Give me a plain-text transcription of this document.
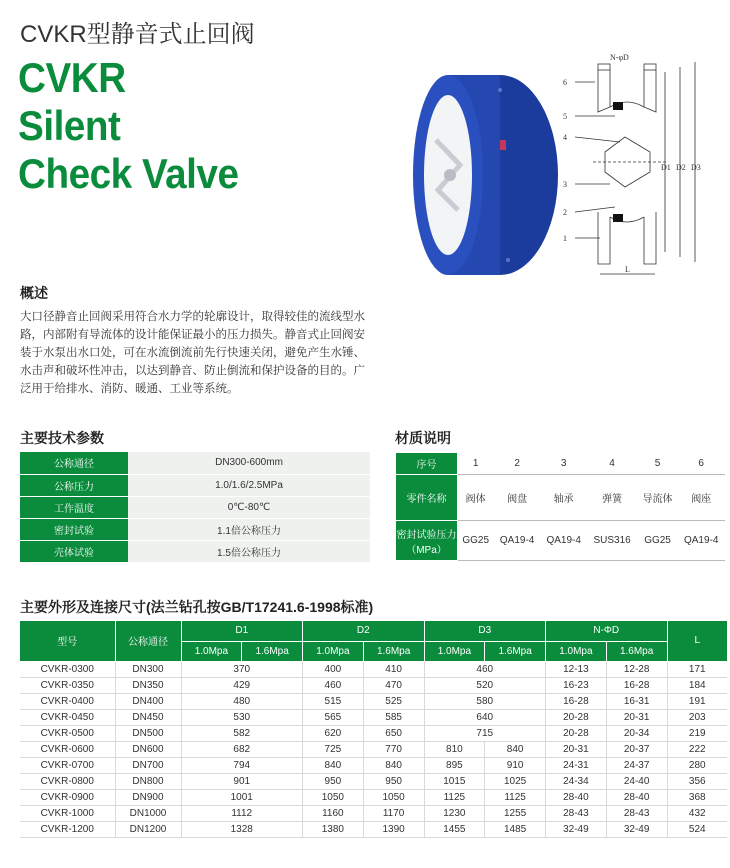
CVKR型静音式止回阀
CVKR
Silent
Check Valve
6
5
4
3
2
1
N-φD
D1 D2 D3
L
概述
大口径静音止回阀采用符合水力学的轮廓设计，取得较佳的流线型水路，内部附有导流体的设计能保证最小的压力损失。静音式止回阀安装于水泵出水口处，可在水流倒流前先行快速关闭，避免产生水锤、水击声和破坏性冲击，以达到静音、防止倒流和保护设备的目的。广泛用于给排水、消防、暖通、工业等系统。
主要技术参数
公称通径	DN300-600mm
公称压力	1.0/1.6/2.5MPa
工作温度	0℃-80℃
密封试验	1.1倍公称压力
壳体试验	1.5倍公称压力
材质说明
序号	1	2	3	4	5	6
零件名称	阀体	阀盘	轴承	弹簧	导流体	阀座
密封试验压力 （MPa）	GG25	QA19-4	QA19-4	SUS316	GG25	QA19-4
主要外形及连接尺寸(法兰钻孔按GB/T17241.6-1998标准)
型号	公称通径	D1		D2		D3		N-ΦD		L
		1.0Mpa	1.6Mpa	1.0Mpa	1.6Mpa	1.0Mpa	1.6Mpa	1.0Mpa	1.6Mpa	
CVKR-0300	DN300	370		400	410	460		12-13	12-28	171
CVKR-0350	DN350	429		460	470	520		16-23	16-28	184
CVKR-0400	DN400	480		515	525	580		16-28	16-31	191
CVKR-0450	DN450	530		565	585	640		20-28	20-31	203
CVKR-0500	DN500	582		620	650	715		20-28	20-34	219
CVKR-0600	DN600	682		725	770	810	840	20-31	20-37	222
CVKR-0700	DN700	794		840	840	895	910	24-31	24-37	280
CVKR-0800	DN800	901		950	950	1015	1025	24-34	24-40	356
CVKR-0900	DN900	1001		1050	1050	1125	1125	28-40	28-40	368
CVKR-1000	DN1000	1112		1160	1170	1230	1255	28-43	28-43	432
CVKR-1200	DN1200	1328		1380	1390	1455	1485	32-49	32-49	524
